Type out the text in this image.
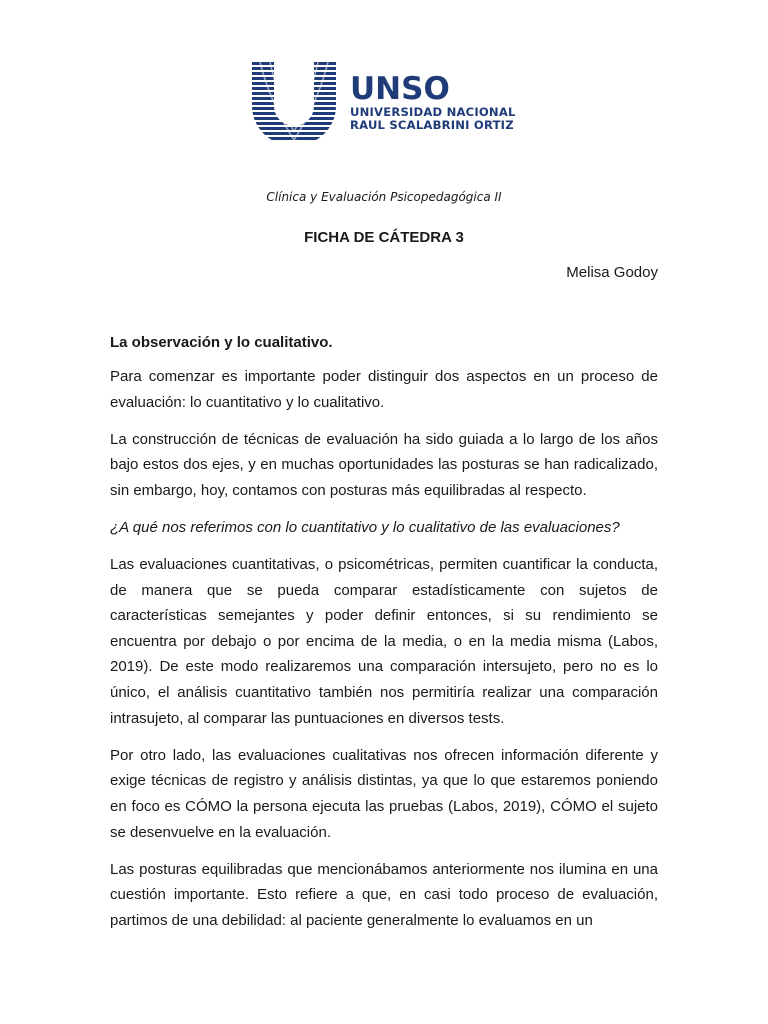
UNSO
UNIVERSIDAD NACIONAL
RAUL SCALABRINI ORTIZ
Clínica y Evaluación Psicopedagógica II
FICHA DE CÁTEDRA 3
Melisa Godoy
La observación y lo cualitativo.

Para comenzar es importante poder distinguir dos aspectos en un proceso de evaluación: lo cuantitativo y lo cualitativo.

La construcción de técnicas de evaluación ha sido guiada a lo largo de los años bajo estos dos ejes, y en muchas oportunidades las posturas se han radicalizado, sin embargo, hoy, contamos con posturas más equilibradas al respecto.

¿A qué nos referimos con lo cuantitativo y lo cualitativo de las evaluaciones?

Las evaluaciones cuantitativas, o psicométricas, permiten cuantificar la conducta, de manera que se pueda comparar estadísticamente con sujetos de características semejantes y poder definir entonces, si su rendimiento se encuentra por debajo o por encima de la media, o en la media misma (Labos, 2019). De este modo realizaremos una comparación intersujeto, pero no es lo único, el análisis cuantitativo también nos permitiría realizar una comparación intrasujeto, al comparar las puntuaciones en diversos tests.

Por otro lado, las evaluaciones cualitativas nos ofrecen información diferente y exige técnicas de registro y análisis distintas, ya que lo que estaremos poniendo en foco es CÓMO la persona ejecuta las pruebas (Labos, 2019), CÓMO el sujeto se desenvuelve en la evaluación.

Las posturas equilibradas que mencionábamos anteriormente nos ilumina en una cuestión importante. Esto refiere a que, en casi todo proceso de evaluación, partimos de una debilidad: al paciente generalmente lo evaluamos en un
